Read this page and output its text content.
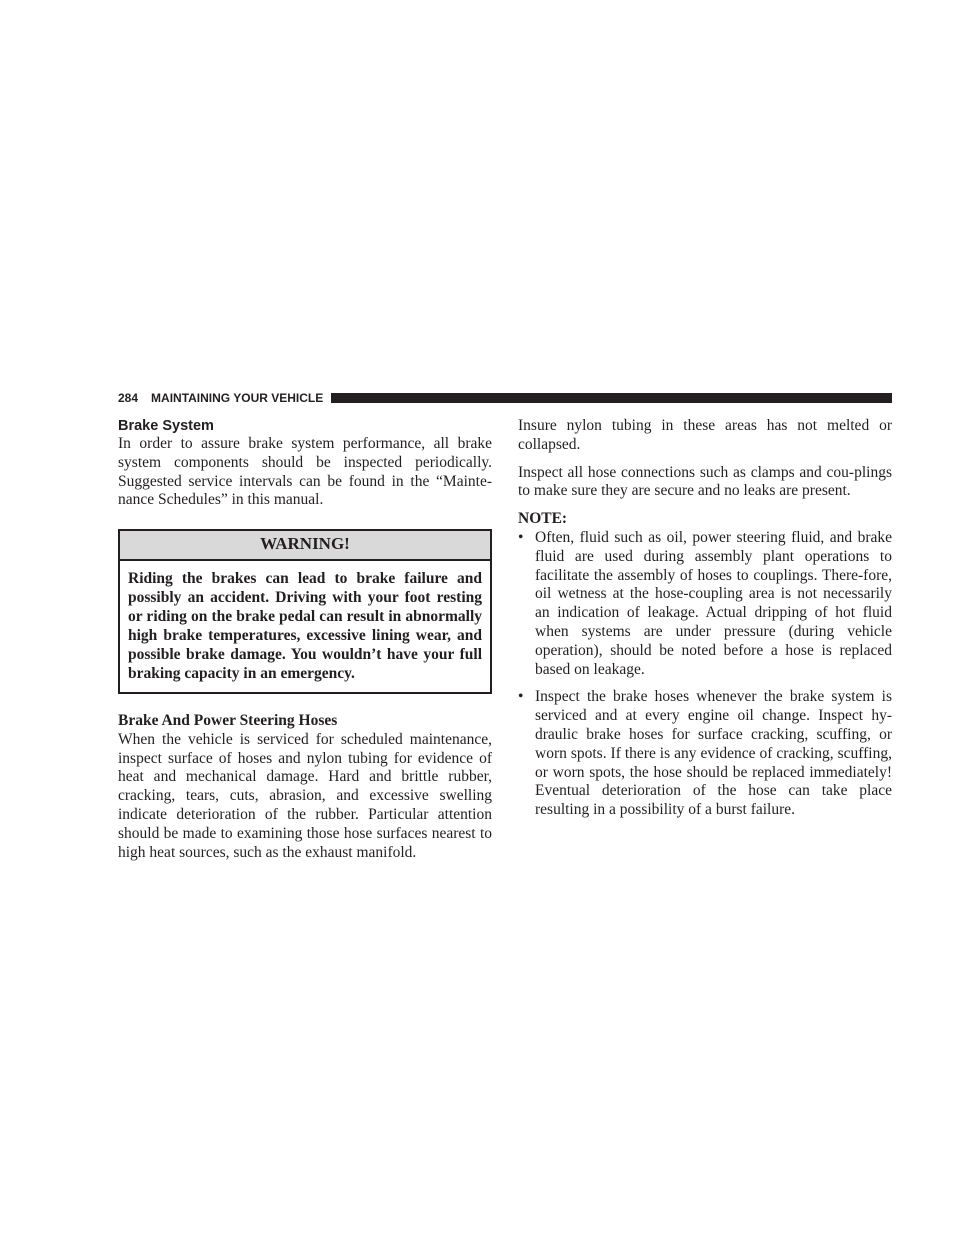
284 MAINTAINING YOUR VEHICLE
Brake System

In order to assure brake system performance, all brake system components should be inspected periodically. Suggested service intervals can be found in the “Mainte-nance Schedules” in this manual.

WARNING!
Riding the brakes can lead to brake failure and possibly an accident. Driving with your foot resting or riding on the brake pedal can result in abnormally high brake temperatures, excessive lining wear, and possible brake damage. You wouldn’t have your full braking capacity in an emergency.

Brake And Power Steering Hoses

When the vehicle is serviced for scheduled maintenance, inspect surface of hoses and nylon tubing for evidence of heat and mechanical damage. Hard and brittle rubber, cracking, tears, cuts, abrasion, and excessive swelling indicate deterioration of the rubber. Particular attention should be made to examining those hose surfaces nearest to high heat sources, such as the exhaust manifold.

Insure nylon tubing in these areas has not melted or collapsed.

Inspect all hose connections such as clamps and cou-plings to make sure they are secure and no leaks are present.

NOTE:

• Often, fluid such as oil, power steering fluid, and brake fluid are used during assembly plant operations to facilitate the assembly of hoses to couplings. There-fore, oil wetness at the hose-coupling area is not necessarily an indication of leakage. Actual dripping of hot fluid when systems are under pressure (during vehicle operation), should be noted before a hose is replaced based on leakage.
• Inspect the brake hoses whenever the brake system is serviced and at every engine oil change. Inspect hy-draulic brake hoses for surface cracking, scuffing, or worn spots. If there is any evidence of cracking, scuffing, or worn spots, the hose should be replaced immediately! Eventual deterioration of the hose can take place resulting in a possibility of a burst failure.
